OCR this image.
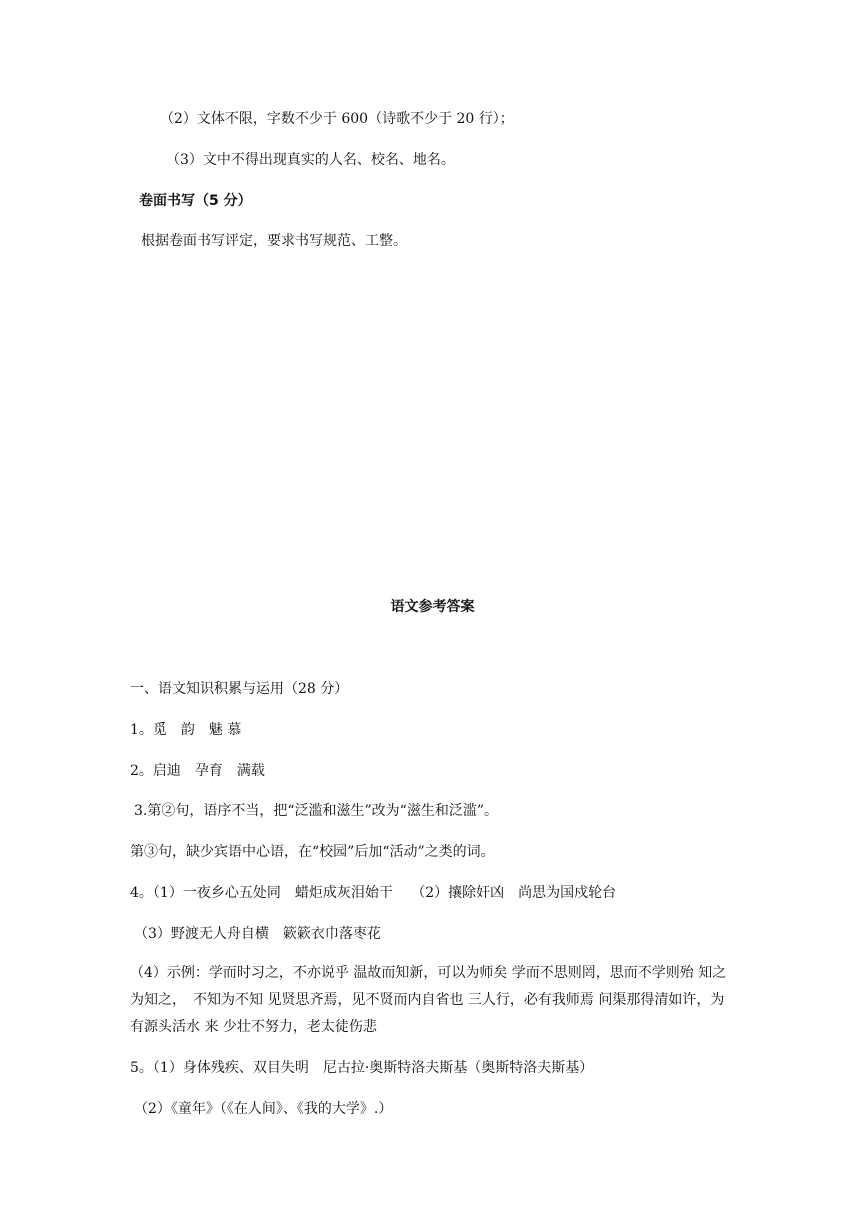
（2）文体不限，字数不少于 600（诗歌不少于 20 行）；
（3）文中不得出现真实的人名、校名、地名。
卷面书写（5 分）
根据卷面书写评定，要求书写规范、工整。
语文参考答案
一、语文知识积累与运用（28 分）
1。觅　韵　魅 慕
2。启迪　孕育　满载
3.第②句，语序不当，把“泛滥和滋生”改为“滋生和泛滥”。
第③句，缺少宾语中心语，在“校园”后加“活动”之类的词。
4。（1）一夜乡心五处同　蜡炬成灰泪始干　 （2）攘除奸凶　尚思为国戍轮台
（3）野渡无人舟自横　簌簌衣巾落枣花
（4）示例：学而时习之，不亦说乎 温故而知新，可以为师矣 学而不思则罔，思而不学则殆 知之为知之，　不知为不知 见贤思齐焉，见不贤而内自省也 三人行，必有我师焉 问渠那得清如许，为有源头活水 来 少壮不努力，老太徒伤悲
5。（1）身体残疾、双目失明　尼古拉·奥斯特洛夫斯基（奥斯特洛夫斯基）
（2）《童年》（《在人间》、《我的大学》.）
